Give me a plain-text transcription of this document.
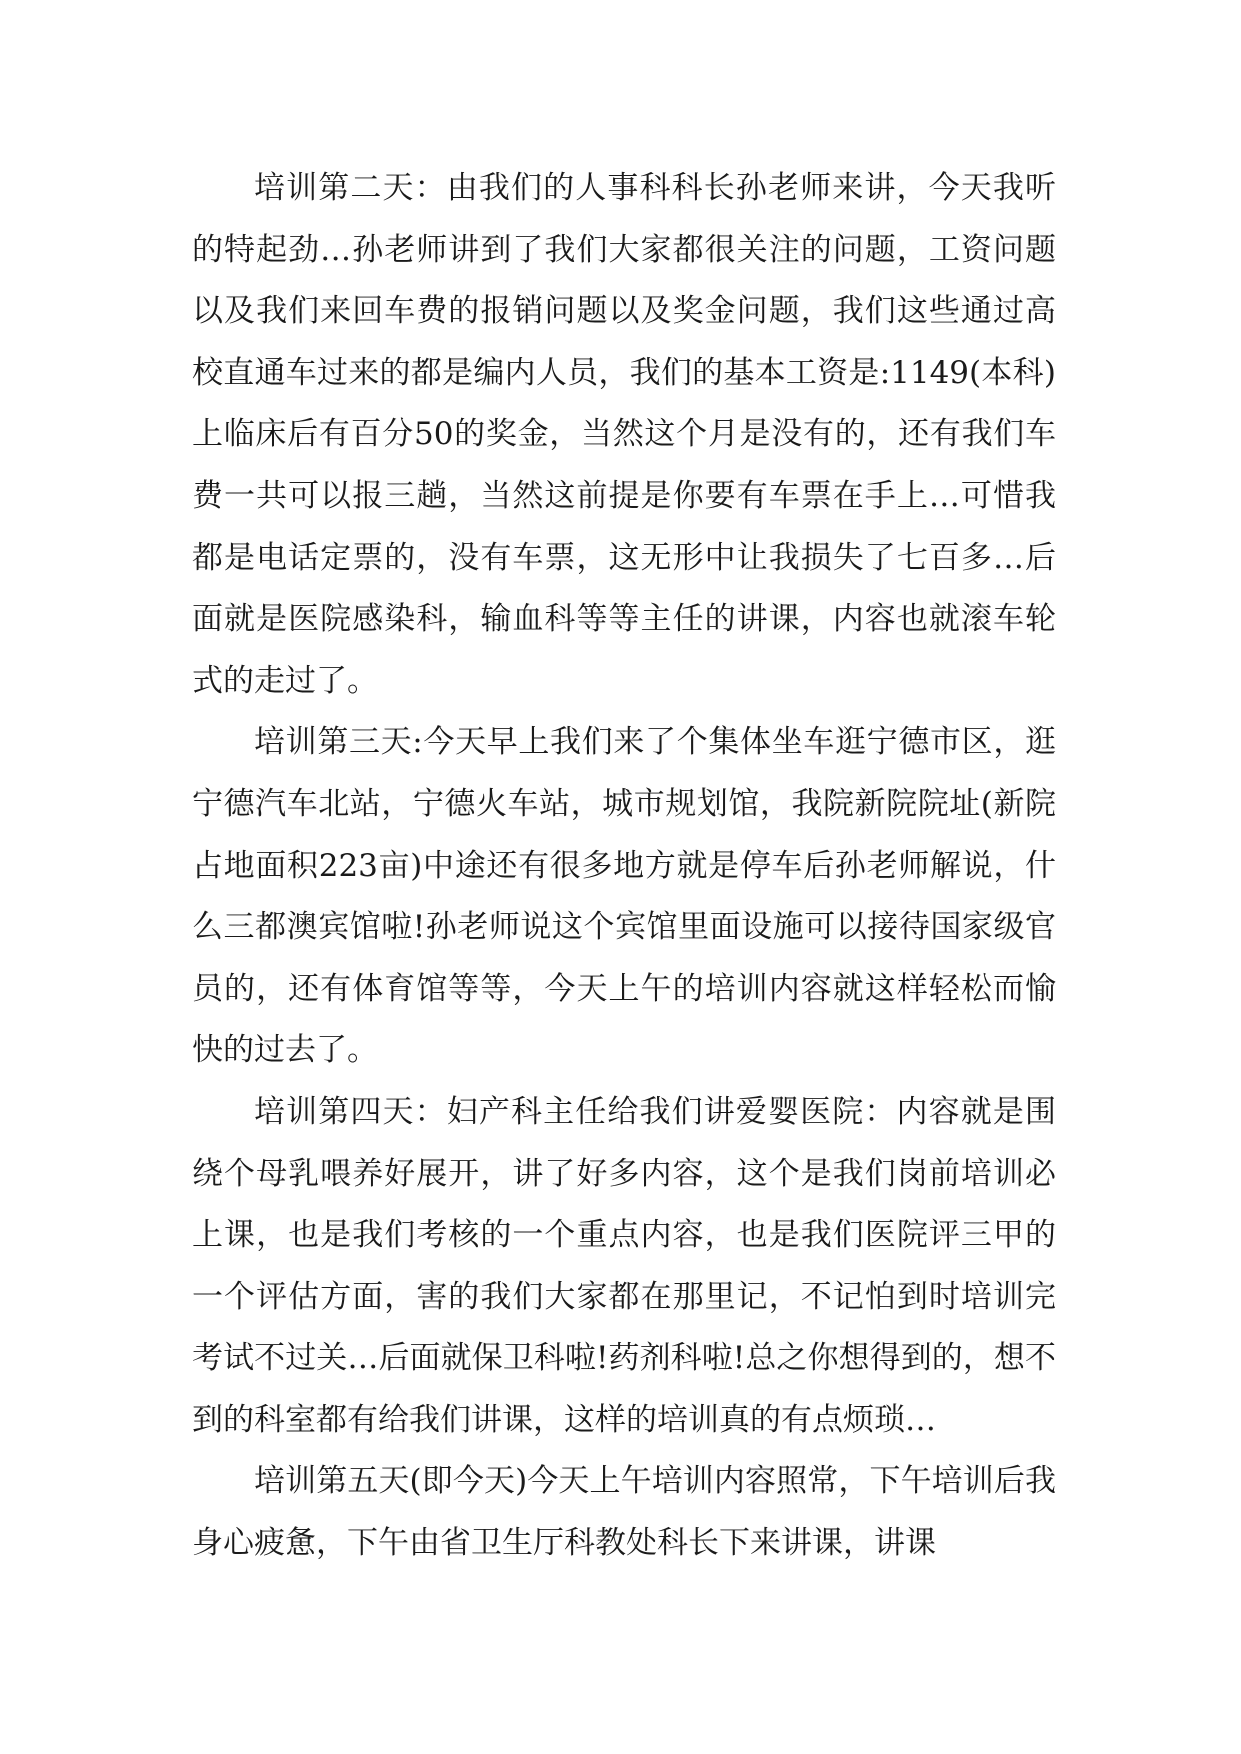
培训第二天：由我们的人事科科长孙老师来讲，今天我听的特起劲…孙老师讲到了我们大家都很关注的问题，工资问题以及我们来回车费的报销问题以及奖金问题，我们这些通过高校直通车过来的都是编内人员，我们的基本工资是:1149(本科)上临床后有百分50的奖金，当然这个月是没有的，还有我们车费一共可以报三趟，当然这前提是你要有车票在手上…可惜我都是电话定票的，没有车票，这无形中让我损失了七百多…后面就是医院感染科，输血科等等主任的讲课，内容也就滚车轮式的走过了。

培训第三天:今天早上我们来了个集体坐车逛宁德市区，逛宁德汽车北站，宁德火车站，城市规划馆，我院新院院址(新院占地面积223亩)中途还有很多地方就是停车后孙老师解说，什么三都澳宾馆啦!孙老师说这个宾馆里面设施可以接待国家级官员的，还有体育馆等等，今天上午的培训内容就这样轻松而愉快的过去了。

培训第四天：妇产科主任给我们讲爱婴医院：内容就是围绕个母乳喂养好展开，讲了好多内容，这个是我们岗前培训必上课，也是我们考核的一个重点内容，也是我们医院评三甲的一个评估方面，害的我们大家都在那里记，不记怕到时培训完考试不过关…后面就保卫科啦!药剂科啦!总之你想得到的，想不到的科室都有给我们讲课，这样的培训真的有点烦琐…

培训第五天(即今天)今天上午培训内容照常，下午培训后我身心疲惫，下午由省卫生厅科教处科长下来讲课，讲课
